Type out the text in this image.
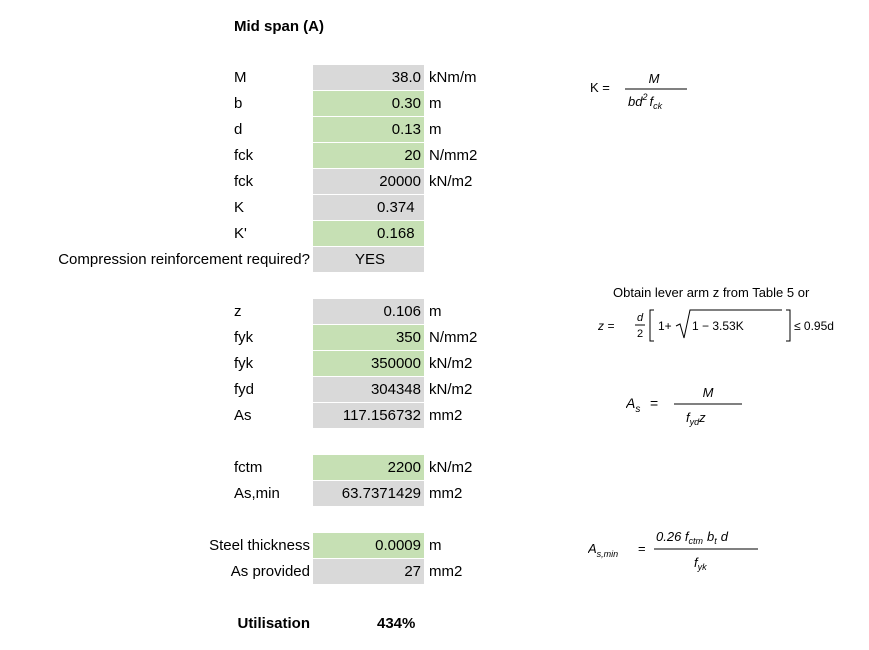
Mid span (A)
M	38.0 kNm/m
b	0.30 m
d	0.13 m
fck	20 N/mm2
fck	20000 kN/m2
K	0.374
K'	0.168
Compression reinforcement required?	YES
z	0.106 m
fyk	350 N/mm2
fyk	350000 kN/m2
fyd	304348 kN/m2
As	117.156732 mm2
fctm	2200 kN/m2
As,min	63.7371429 mm2
Steel thickness	0.0009 m
As provided	27 mm2
Utilisation	434%
K =
M
$bd^2$ $f_{ck}$
Obtain lever arm z from Table 5 or
z =
d
2
1+ 1 − 3.53K	≤ 0.95d
$A_s$ =
M
$f_{yd}z$
$A_{s,min}$ =
0.26 $f_{ctm}$ $b_t$ d
$f_{yk}$
